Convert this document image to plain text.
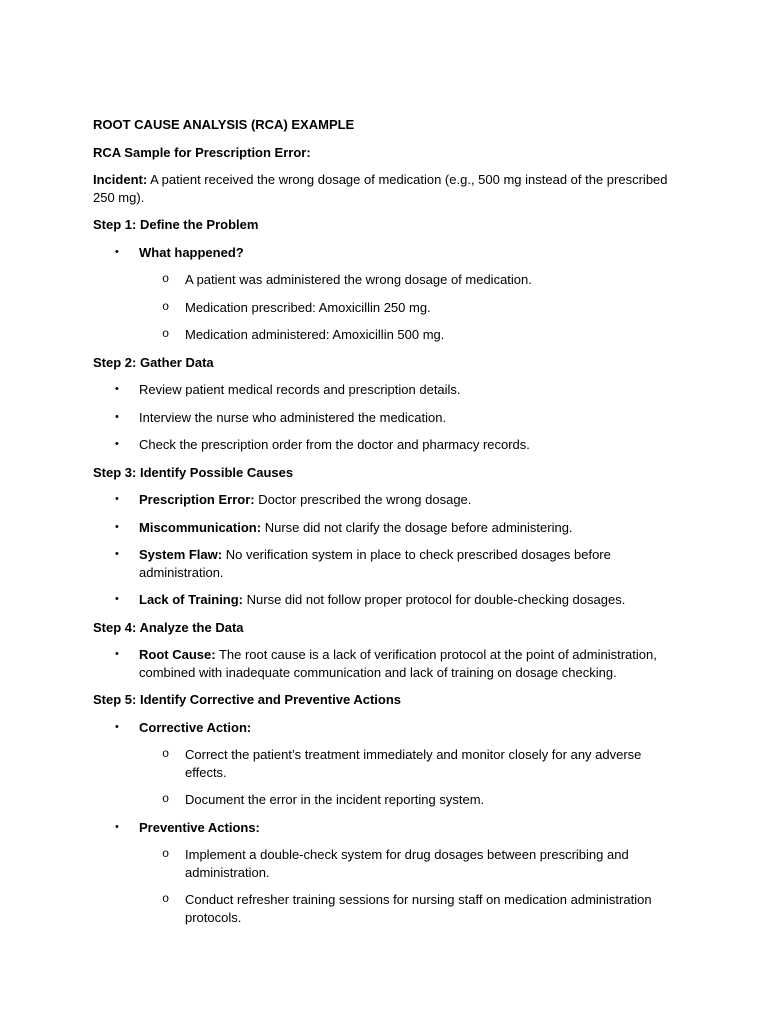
ROOT CAUSE ANALYSIS (RCA) EXAMPLE

RCA Sample for Prescription Error:

Incident: A patient received the wrong dosage of medication (e.g., 500 mg instead of the prescribed 250 mg).

Step 1: Define the Problem

• What happened?
o A patient was administered the wrong dosage of medication.
o Medication prescribed: Amoxicillin 250 mg.
o Medication administered: Amoxicillin 500 mg.

Step 2: Gather Data

• Review patient medical records and prescription details.
• Interview the nurse who administered the medication.
• Check the prescription order from the doctor and pharmacy records.

Step 3: Identify Possible Causes

• Prescription Error: Doctor prescribed the wrong dosage.
• Miscommunication: Nurse did not clarify the dosage before administering.
• System Flaw: No verification system in place to check prescribed dosages before administration.
• Lack of Training: Nurse did not follow proper protocol for double-checking dosages.

Step 4: Analyze the Data

• Root Cause: The root cause is a lack of verification protocol at the point of administration, combined with inadequate communication and lack of training on dosage checking.

Step 5: Identify Corrective and Preventive Actions

• Corrective Action:
o Correct the patient’s treatment immediately and monitor closely for any adverse effects.
o Document the error in the incident reporting system.
• Preventive Actions:
o Implement a double-check system for drug dosages between prescribing and administration.
o Conduct refresher training sessions for nursing staff on medication administration protocols.
